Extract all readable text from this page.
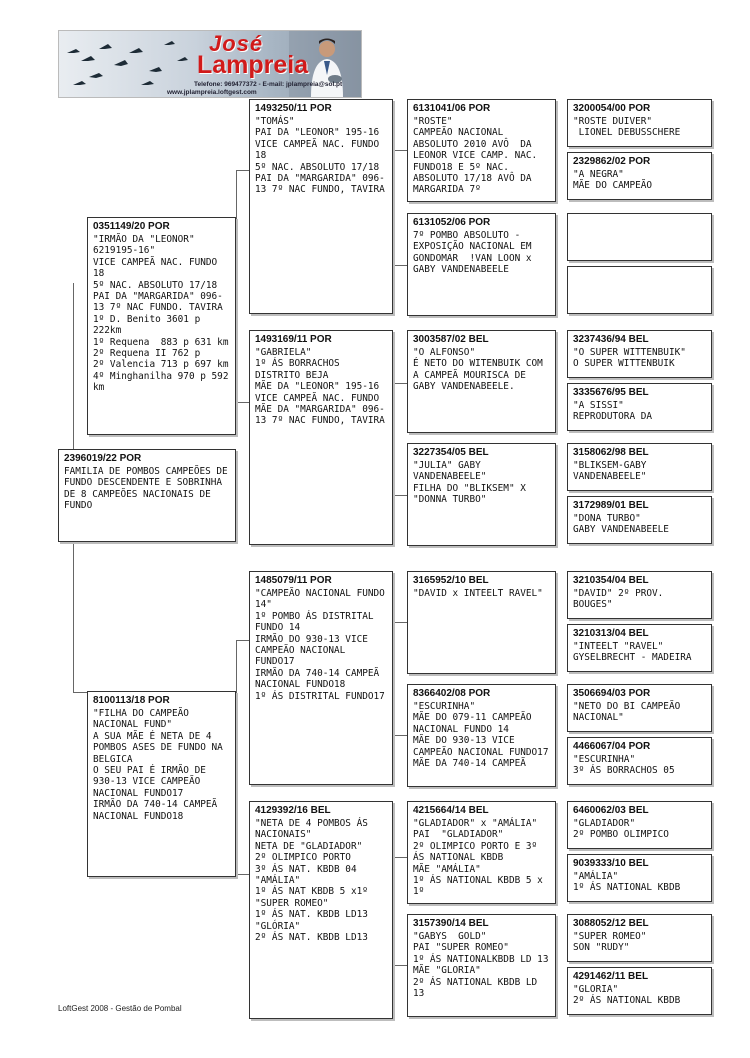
José
Lampreia
Telefone: 969477372 - E-mail: jplampreia@sol.pt
www.jplampreia.loftgest.com
2396019/22 POR
FAMILIA DE POMBOS CAMPEÕES DE FUNDO DESCENDENTE E SOBRINHA DE 8 CAMPEÕES NACIONAIS DE FUNDO
0351149/20 POR
"IRMÃO DA "LEONOR" 6219195-16"
VICE CAMPEÃ NAC. FUNDO 18
5º NAC. ABSOLUTO 17/18 PAI DA "MARGARIDA" 096-13 7º NAC FUNDO. TAVIRA
1º D. Benito 3601 p 222km
1º Requena  883 p 631 km
2º Requena II 762 p
2º Valencia 713 p 697 km
4º Minghanilha 970 p 592 km
8100113/18 POR
"FILHA DO CAMPEÃO NACIONAL FUND"
A SUA MÃE É NETA DE 4 POMBOS ASES DE FUNDO NA BELGICA
O SEU PAI É IRMÃO DE 930-13 VICE CAMPEÃO NACIONAL FUNDO17
IRMÃO DA 740-14 CAMPEÃ NACIONAL FUNDO18
1493250/11 POR
"TOMÁS"
PAI DA "LEONOR" 195-16
VICE CAMPEÃ NAC. FUNDO 18
5º NAC. ABSOLUTO 17/18 PAI DA "MARGARIDA" 096-13 7º NAC FUNDO, TAVIRA
1493169/11 POR
"GABRIELA"
1º ÁS BORRACHOS DISTRITO BEJA
MÃE DA "LEONOR" 195-16
VICE CAMPEÃ NAC. FUNDO  MÃE DA "MARGARIDA" 096-13 7º NAC FUNDO, TAVIRA
1485079/11 POR
"CAMPEÃO NACIONAL FUNDO 14"
1º POMBO ÁS DISTRITAL FUNDO 14
IRMÃO DO 930-13 VICE CAMPEÃO NACIONAL FUNDO17
IRMÃO DA 740-14 CAMPEÃ NACIONAL FUNDO18
1º ÁS DISTRITAL FUNDO17
4129392/16 BEL
"NETA DE 4 POMBOS ÁS NACIONAIS"
NETA DE "GLADIADOR"
2º OLIMPICO PORTO
3º ÁS NAT. KBDB 04
"AMÁLIA"
1º ÁS NAT KBDB 5 x1º
"SUPER ROMEO"
1º ÁS NAT. KBDB LD13
"GLÓRIA"
2º ÁS NAT. KBDB LD13
6131041/06 POR
"ROSTE"
CAMPEÃO NACIONAL ABSOLUTO 2010 AVÔ  DA LEONOR VICE CAMP. NAC. FUNDO18 E 5º NAC. ABSOLUTO 17/18 AVÔ DA MARGARIDA 7º
6131052/06 POR
7º POMBO ABSOLUTO - EXPOSIÇÃO NACIONAL EM GONDOMAR  !VAN LOON x GABY VANDENABEELE
3003587/02 BEL
"O ALFONSO"
É NETO DO WITENBUIK COM A CAMPEÃ MOURISCA DE GABY VANDENABEELE.
3227354/05 BEL
"JULIA" GABY VANDENABEELE"
FILHA DO "BLIKSEM" X "DONNA TURBO"
3165952/10 BEL
"DAVID x INTEELT RAVEL"
8366402/08 POR
"ESCURINHA"
MÃE DO 079-11 CAMPEÃO NACIONAL FUNDO 14
MÃE DO 930-13 VICE CAMPEÃO NACIONAL FUNDO17
MÃE DA 740-14 CAMPEÃ
4215664/14 BEL
"GLADIADOR" x "AMÁLIA"
PAI  "GLADIADOR"
2º OLIMPICO PORTO E 3º ÁS NATIONAL KBDB
MÃE "AMÁLIA"
1º ÁS NATIONAL KBDB 5 x 1º
3157390/14 BEL
"GABYS  GOLD"
PAI "SUPER ROMEO"
1º ÁS NATIONALKBDB LD 13
MÃE "GLORIA"
2º ÁS NATIONAL KBDB LD 13
3200054/00 POR
"ROSTE DUIVER"
LIONEL DEBUSSCHERE
2329862/02 POR
"A NEGRA"
MÃE DO CAMPEÃO
3237436/94 BEL
"O SUPER WITTENBUIK"
O SUPER WITTENBUIK
3335676/95 BEL
"A SISSI"
REPRODUTORA DA
3158062/98 BEL
"BLIKSEM-GABY VANDENABEELE"
3172989/01 BEL
"DONA TURBO"
GABY VANDENABEELE
3210354/04 BEL
"DAVID" 2º PROV. BOUGES"
3210313/04 BEL
"INTEELT "RAVEL"
GYSELBRECHT - MADEIRA
3506694/03 POR
"NETO DO BI CAMPEÃO NACIONAL"
4466067/04 POR
"ESCURINHA"
3º ÁS BORRACHOS 05
6460062/03 BEL
"GLADIADOR"
2º POMBO OLIMPICO
9039333/10 BEL
"AMÁLIA"
1º ÁS NATIONAL KBDB
3088052/12 BEL
"SUPER ROMEO"
SON "RUDY"
4291462/11 BEL
"GLORIA"
2º ÁS NATIONAL KBDB
LoftGest 2008 - Gestão de Pombal
